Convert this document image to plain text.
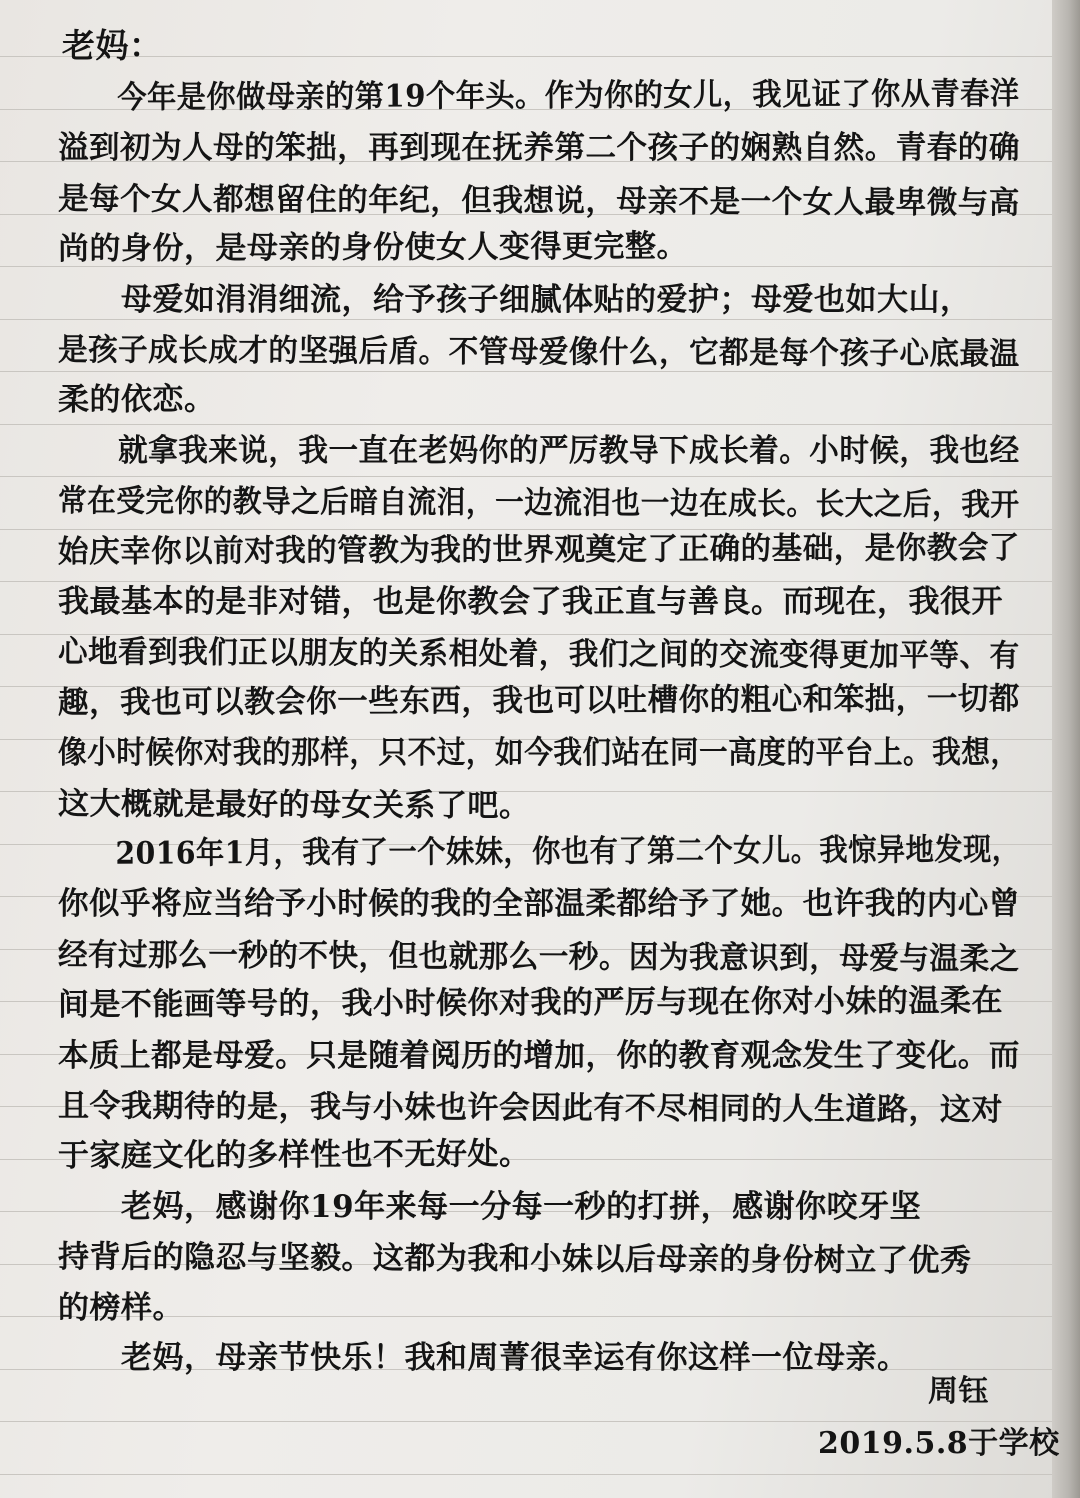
老妈：
　　今年是你做母亲的第19个年头。作为你的女儿，我见证了你从青春洋
溢到初为人母的笨拙，再到现在抚养第二个孩子的娴熟自然。青春的确
是每个女人都想留住的年纪，但我想说，母亲不是一个女人最卑微与高
尚的身份，是母亲的身份使女人变得更完整。
　　母爱如涓涓细流，给予孩子细腻体贴的爱护；母爱也如大山，
是孩子成长成才的坚强后盾。不管母爱像什么，它都是每个孩子心底最温
柔的依恋。
　　就拿我来说，我一直在老妈你的严厉教导下成长着。小时候，我也经
常在受完你的教导之后暗自流泪，一边流泪也一边在成长。长大之后，我开
始庆幸你以前对我的管教为我的世界观奠定了正确的基础，是你教会了
我最基本的是非对错，也是你教会了我正直与善良。而现在，我很开
心地看到我们正以朋友的关系相处着，我们之间的交流变得更加平等、有
趣，我也可以教会你一些东西，我也可以吐槽你的粗心和笨拙，一切都
像小时候你对我的那样，只不过，如今我们站在同一高度的平台上。我想，
这大概就是最好的母女关系了吧。
　　2016年1月，我有了一个妹妹，你也有了第二个女儿。我惊异地发现，
你似乎将应当给予小时候的我的全部温柔都给予了她。也许我的内心曾
经有过那么一秒的不快，但也就那么一秒。因为我意识到，母爱与温柔之
间是不能画等号的，我小时候你对我的严厉与现在你对小妹的温柔在
本质上都是母爱。只是随着阅历的增加，你的教育观念发生了变化。而
且令我期待的是，我与小妹也许会因此有不尽相同的人生道路，这对
于家庭文化的多样性也不无好处。
　　老妈，感谢你19年来每一分每一秒的打拼，感谢你咬牙坚
持背后的隐忍与坚毅。这都为我和小妹以后母亲的身份树立了优秀
的榜样。
　　老妈，母亲节快乐！我和周菁很幸运有你这样一位母亲。
周钰
2019.5.8于学校
